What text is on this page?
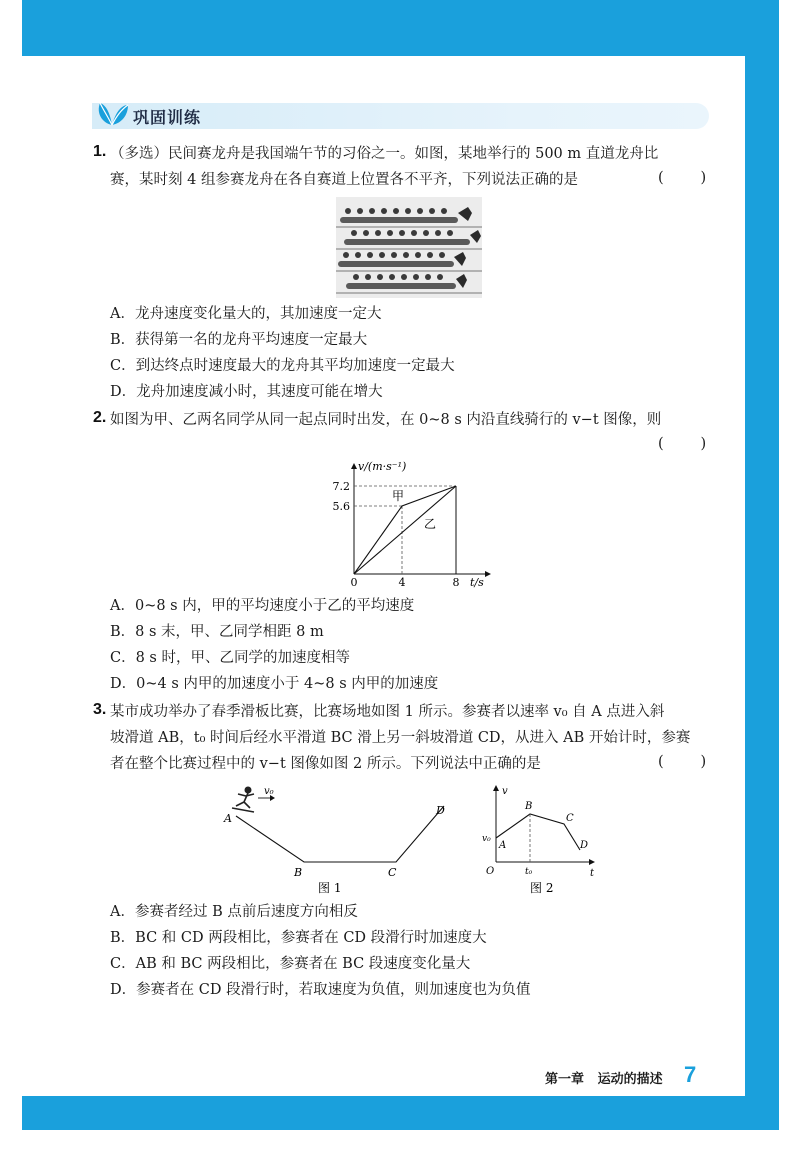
巩固训练
1. （多选）民间赛龙舟是我国端午节的习俗之一。如图，某地举行的 500 m 直道龙舟比
赛，某时刻 4 组参赛龙舟在各自赛道上位置各不平齐，下列说法正确的是	(        )
A．龙舟速度变化量大的，其加速度一定大
B．获得第一名的龙舟平均速度一定最大
C．到达终点时速度最大的龙舟其平均加速度一定最大
D．龙舟加速度减小时，其速度可能在增大
2. 如图为甲、乙两名同学从同一起点同时出发，在 0~8 s 内沿直线骑行的 v−t 图像，则
(        )
v/(m·s⁻¹)
7.2
5.6
0	4	8 t/s
甲
乙
A．0~8 s 内，甲的平均速度小于乙的平均速度
B．8 s 末，甲、乙同学相距 8 m
C．8 s 时，甲、乙同学的加速度相等
D．0~4 s 内甲的加速度小于 4~8 s 内甲的加速度
3. 某市成功举办了春季滑板比赛，比赛场地如图 1 所示。参赛者以速率 v₀ 自 A 点进入斜
坡滑道 AB，t₀ 时间后经水平滑道 BC 滑上另一斜坡滑道 CD，从进入 AB 开始计时，参赛
者在整个比赛过程中的 v−t 图像如图 2 所示。下列说法中正确的是	(        )
v₀
A
B	C
D
图 1
v
t
O
v₀
t₀
A
B
C
D
图 2
A．参赛者经过 B 点前后速度方向相反
B．BC 和 CD 两段相比，参赛者在 CD 段滑行时加速度大
C．AB 和 BC 两段相比，参赛者在 BC 段速度变化量大
D．参赛者在 CD 段滑行时，若取速度为负值，则加速度也为负值
第一章   运动的描述 7
